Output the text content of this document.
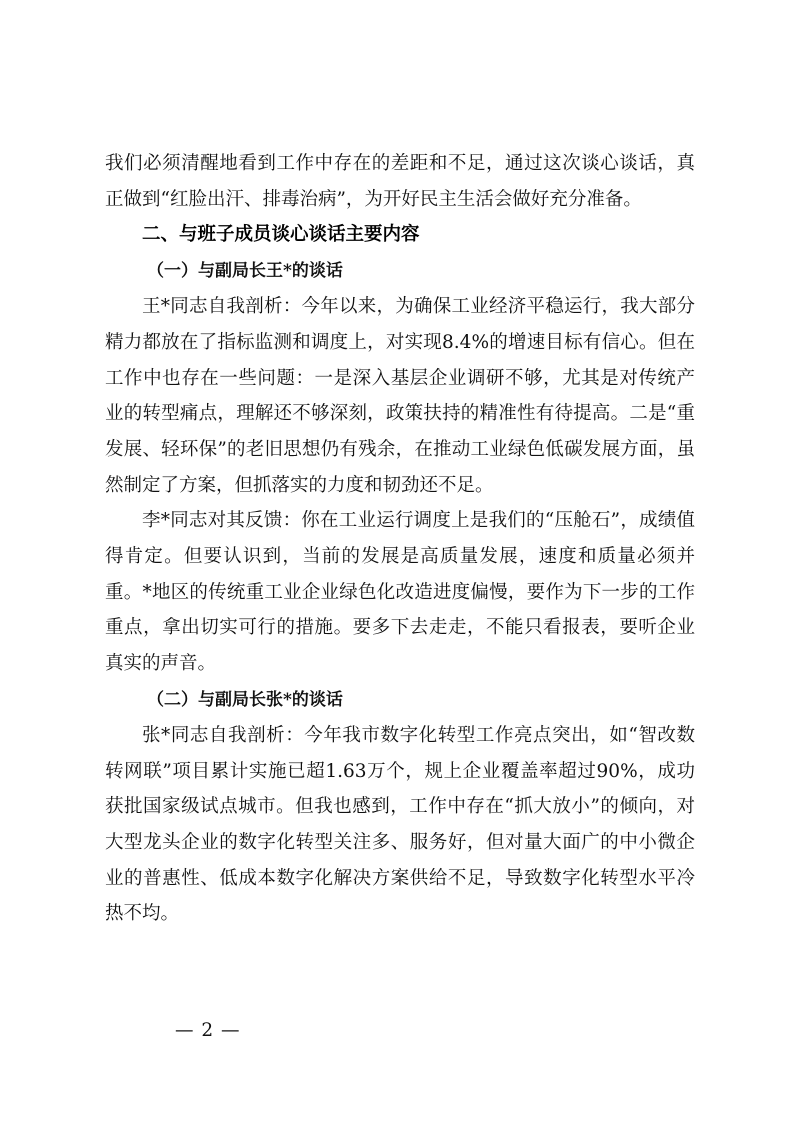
我们必须清醒地看到工作中存在的差距和不足，通过这次谈心谈话，真正做到“红脸出汗、排毒治病”，为开好民主生活会做好充分准备。

二、与班子成员谈心谈话主要内容
（一）与副局长王*的谈话

王*同志自我剖析：今年以来，为确保工业经济平稳运行，我大部分精力都放在了指标监测和调度上，对实现8.4%的增速目标有信心。但在工作中也存在一些问题：一是深入基层企业调研不够，尤其是对传统产业的转型痛点，理解还不够深刻，政策扶持的精准性有待提高。二是“重发展、轻环保”的老旧思想仍有残余，在推动工业绿色低碳发展方面，虽然制定了方案，但抓落实的力度和韧劲还不足。

李*同志对其反馈：你在工业运行调度上是我们的“压舱石”，成绩值得肯定。但要认识到，当前的发展是高质量发展，速度和质量必须并重。*地区的传统重工业企业绿色化改造进度偏慢，要作为下一步的工作重点，拿出切实可行的措施。要多下去走走，不能只看报表，要听企业真实的声音。

（二）与副局长张*的谈话

张*同志自我剖析：今年我市数字化转型工作亮点突出，如“智改数转网联”项目累计实施已超1.63万个，规上企业覆盖率超过90%，成功获批国家级试点城市。但我也感到，工作中存在“抓大放小”的倾向，对大型龙头企业的数字化转型关注多、服务好，但对量大面广的中小微企业的普惠性、低成本数字化解决方案供给不足，导致数字化转型水平冷热不均。

— 2 —
